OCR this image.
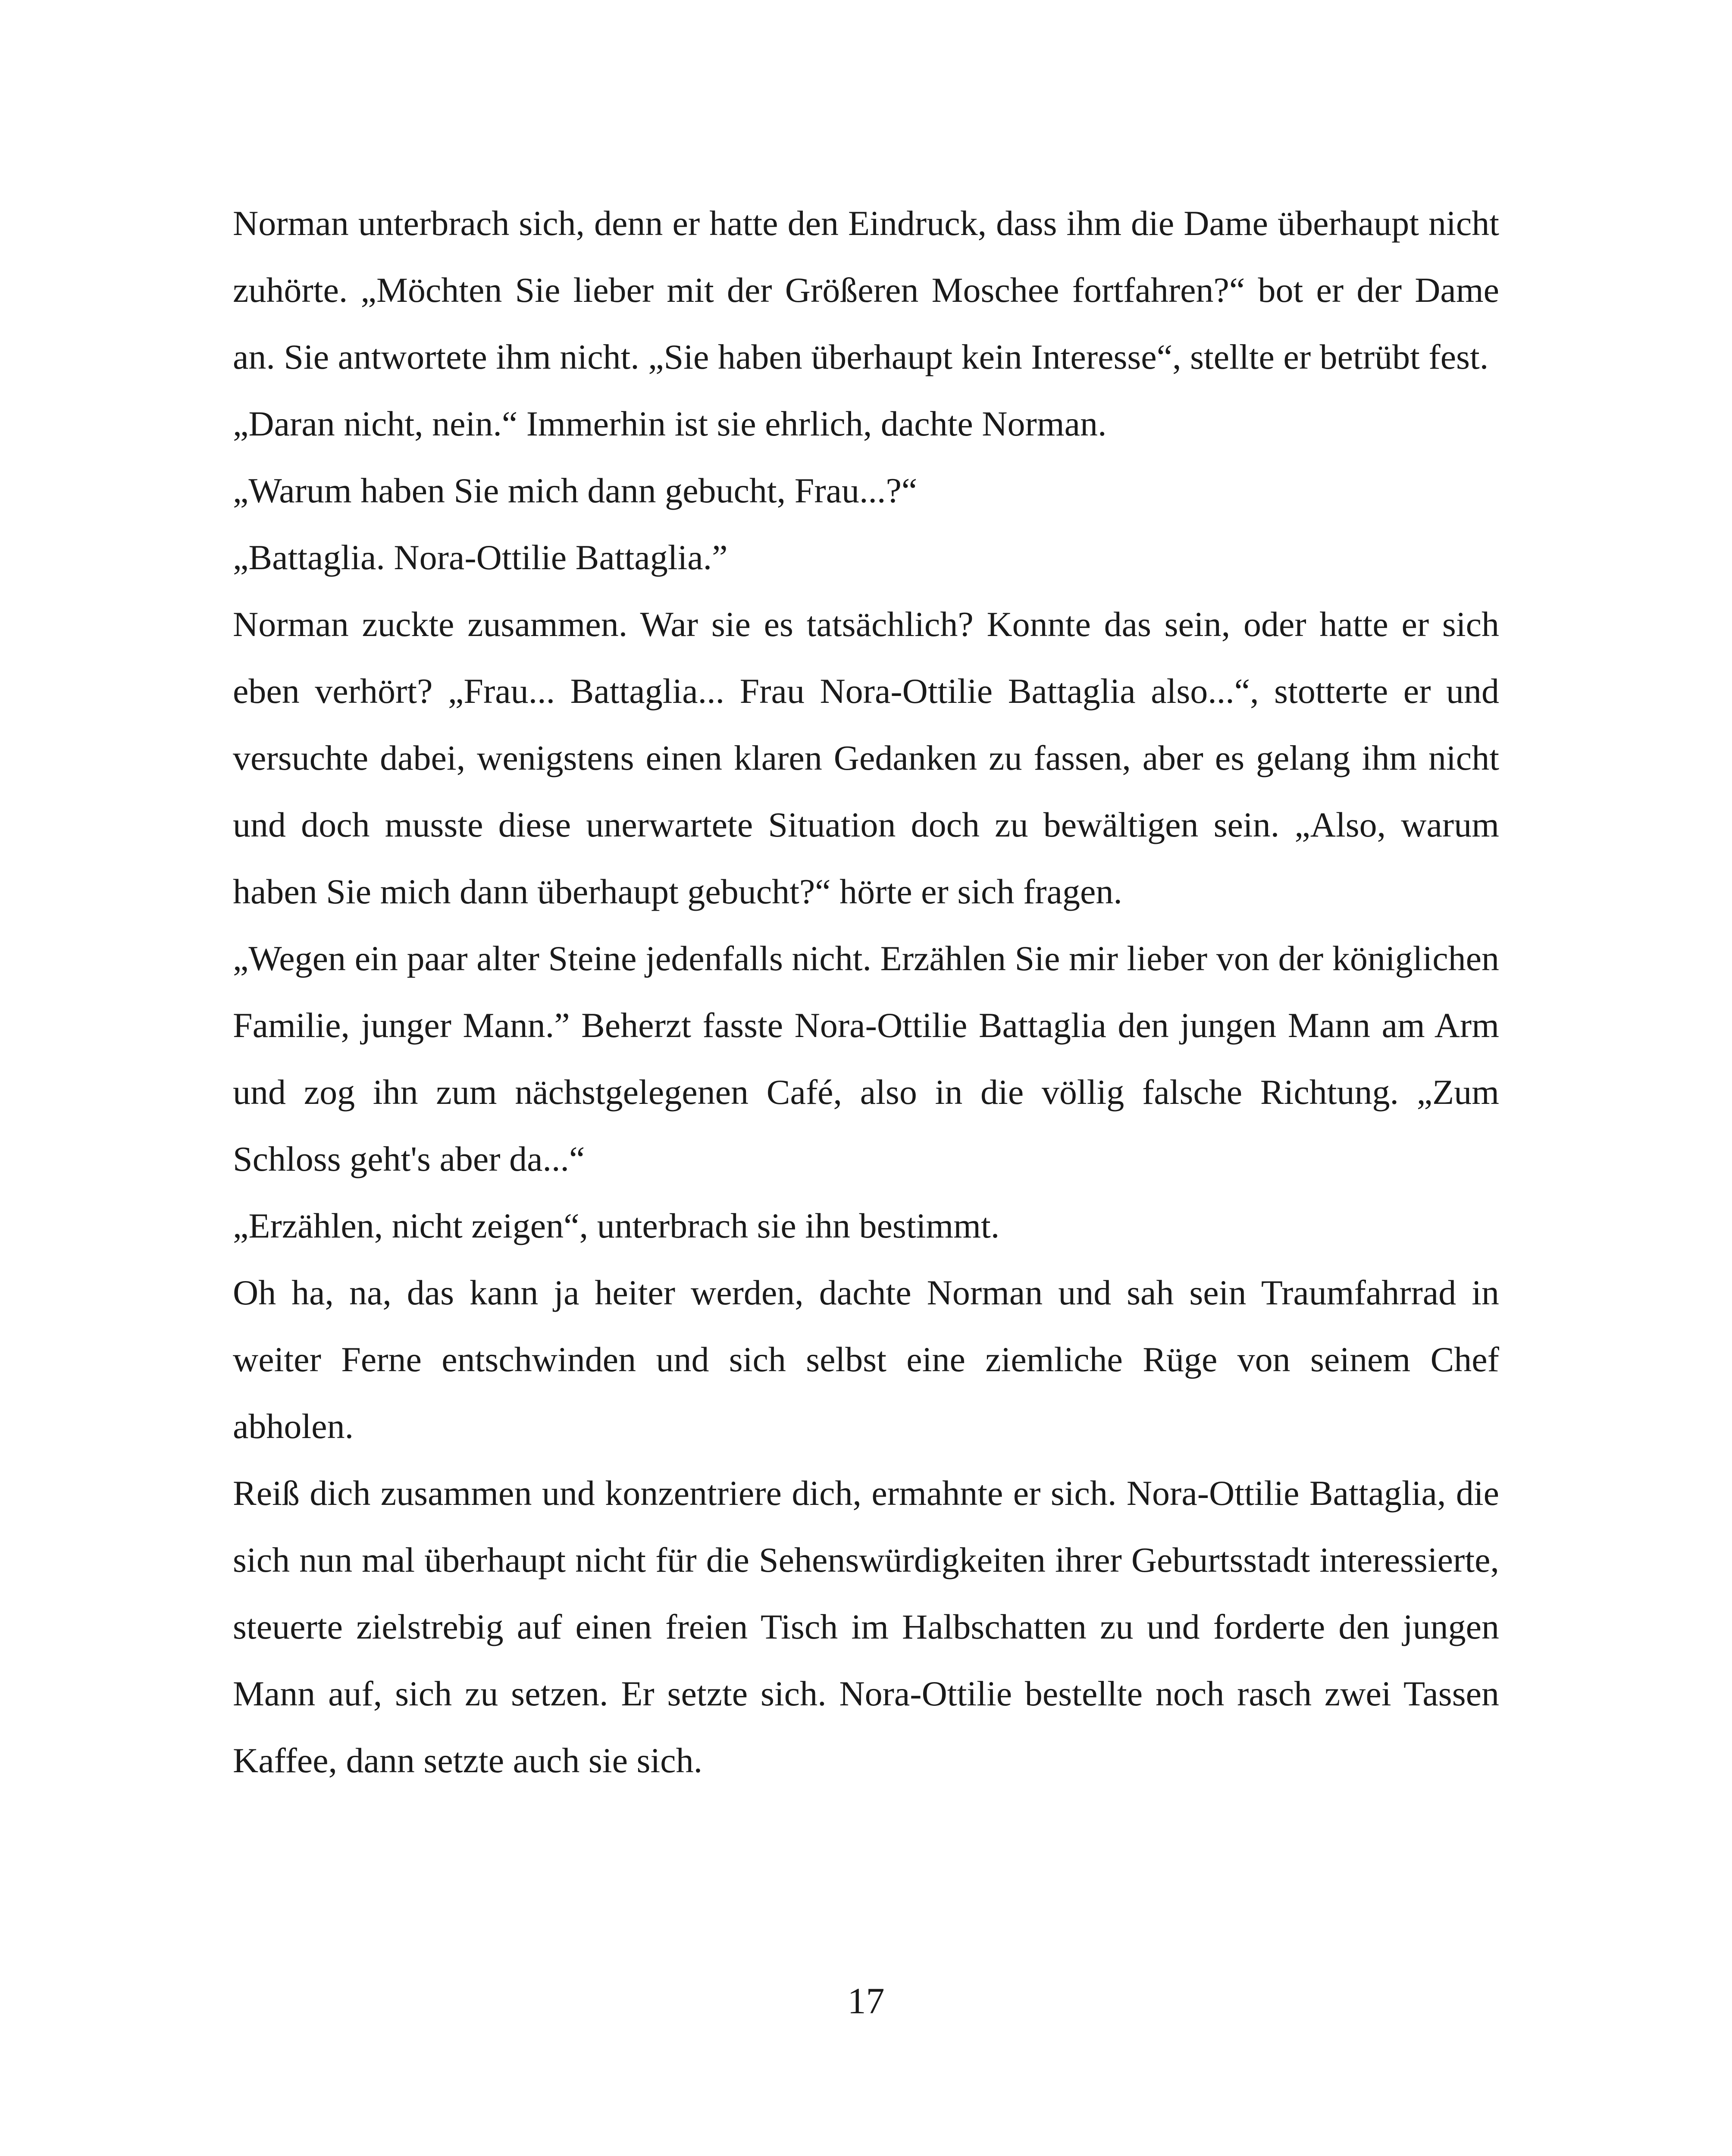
Norman unterbrach sich, denn er hatte den Eindruck, dass ihm die Dame überhaupt nicht zuhörte. „Möchten Sie lieber mit der Größeren Moschee fortfahren?“ bot er der Dame an. Sie antwortete ihm nicht. „Sie haben überhaupt kein Interesse“, stellte er betrübt fest.

„Daran nicht, nein.“ Immerhin ist sie ehrlich, dachte Norman.

„Warum haben Sie mich dann gebucht, Frau...?“

„Battaglia. Nora-Ottilie Battaglia.”

Norman zuckte zusammen. War sie es tatsächlich? Konnte das sein, oder hatte er sich eben verhört? „Frau... Battaglia... Frau Nora-Ottilie Battaglia also...“, stotterte er und versuchte dabei, wenigstens einen klaren Gedanken zu fassen, aber es gelang ihm nicht und doch musste diese unerwartete Situation doch zu bewältigen sein. „Also, warum haben Sie mich dann überhaupt gebucht?“ hörte er sich fragen.

„Wegen ein paar alter Steine jedenfalls nicht. Erzählen Sie mir lieber von der königlichen Familie, junger Mann.” Beherzt fasste Nora-Ottilie Battaglia den jungen Mann am Arm und zog ihn zum nächstgelegenen Café, also in die völlig falsche Richtung. „Zum Schloss geht's aber da...“

„Erzählen, nicht zeigen“, unterbrach sie ihn bestimmt.

Oh ha, na, das kann ja heiter werden, dachte Norman und sah sein Traumfahrrad in weiter Ferne entschwinden und sich selbst eine ziemliche Rüge von seinem Chef abholen.

Reiß dich zusammen und konzentriere dich, ermahnte er sich. Nora-Ottilie Battaglia, die sich nun mal überhaupt nicht für die Sehenswürdigkeiten ihrer Geburtsstadt interessierte, steuerte zielstrebig auf einen freien Tisch im Halbschatten zu und forderte den jungen Mann auf, sich zu setzen. Er setzte sich. Nora-Ottilie bestellte noch rasch zwei Tassen Kaffee, dann setzte auch sie sich.

17
